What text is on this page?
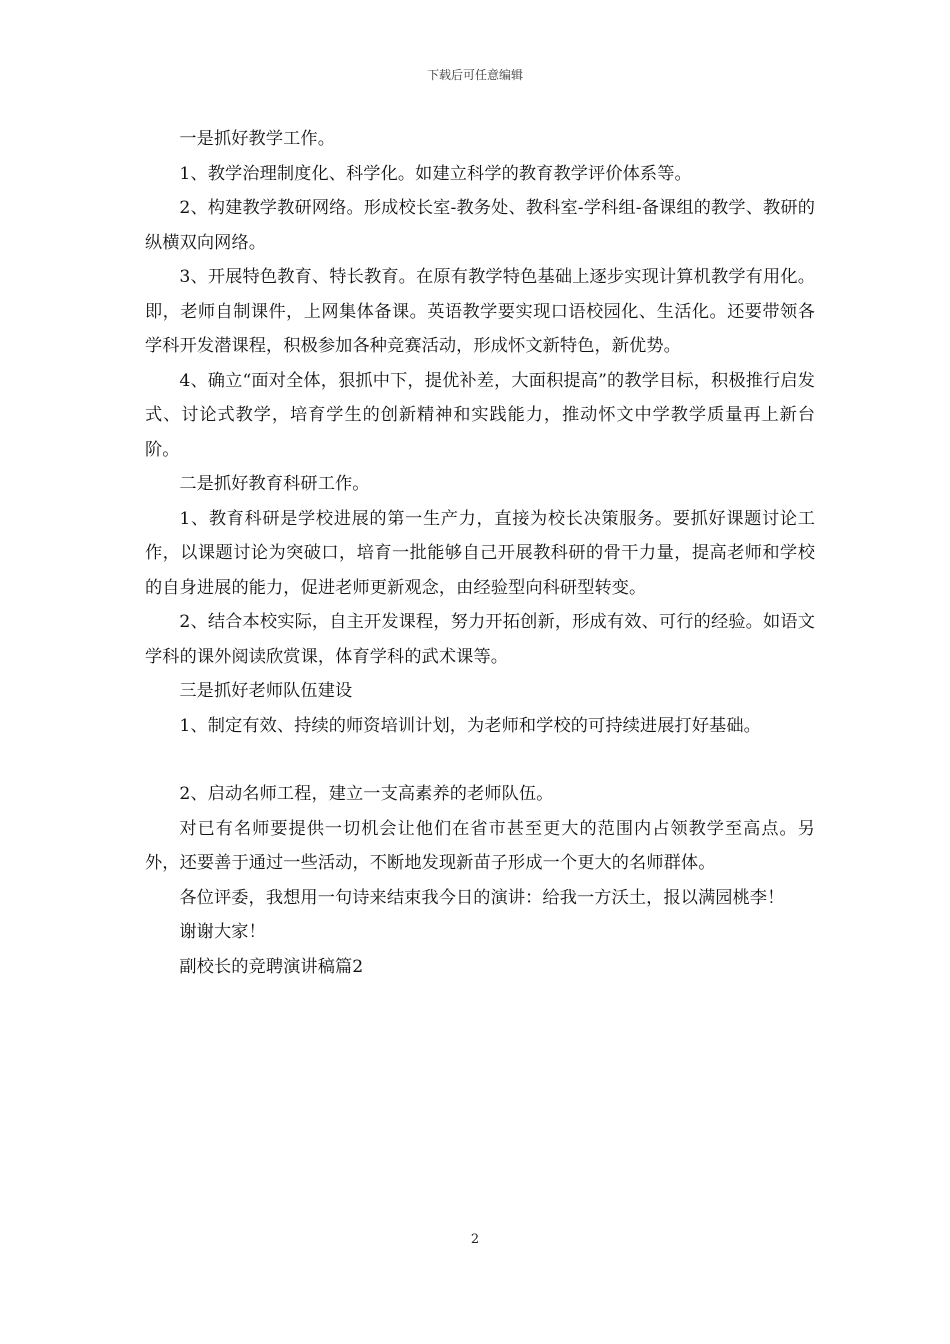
下载后可任意编辑

一是抓好教学工作。

1、教学治理制度化、科学化。如建立科学的教育教学评价体系等。

2、构建教学教研网络。形成校长室-教务处、教科室-学科组-备课组的教学、教研的纵横双向网络。

3、开展特色教育、特长教育。在原有教学特色基础上逐步实现计算机教学有用化。即，老师自制课件，上网集体备课。英语教学要实现口语校园化、生活化。还要带领各学科开发潜课程，积极参加各种竞赛活动，形成怀文新特色，新优势。

4、确立“面对全体，狠抓中下，提优补差，大面积提高”的教学目标，积极推行启发式、讨论式教学，培育学生的创新精神和实践能力，推动怀文中学教学质量再上新台阶。

二是抓好教育科研工作。

1、教育科研是学校进展的第一生产力，直接为校长决策服务。要抓好课题讨论工作，以课题讨论为突破口，培育一批能够自己开展教科研的骨干力量，提高老师和学校的自身进展的能力，促进老师更新观念，由经验型向科研型转变。

2、结合本校实际，自主开发课程，努力开拓创新，形成有效、可行的经验。如语文学科的课外阅读欣赏课，体育学科的武术课等。

三是抓好老师队伍建设

1、制定有效、持续的师资培训计划，为老师和学校的可持续进展打好基础。

2、启动名师工程，建立一支高素养的老师队伍。

对已有名师要提供一切机会让他们在省市甚至更大的范围内占领教学至高点。另外，还要善于通过一些活动，不断地发现新苗子形成一个更大的名师群体。

各位评委，我想用一句诗来结束我今日的演讲：给我一方沃土，报以满园桃李！

谢谢大家！

副校长的竞聘演讲稿篇2

2
